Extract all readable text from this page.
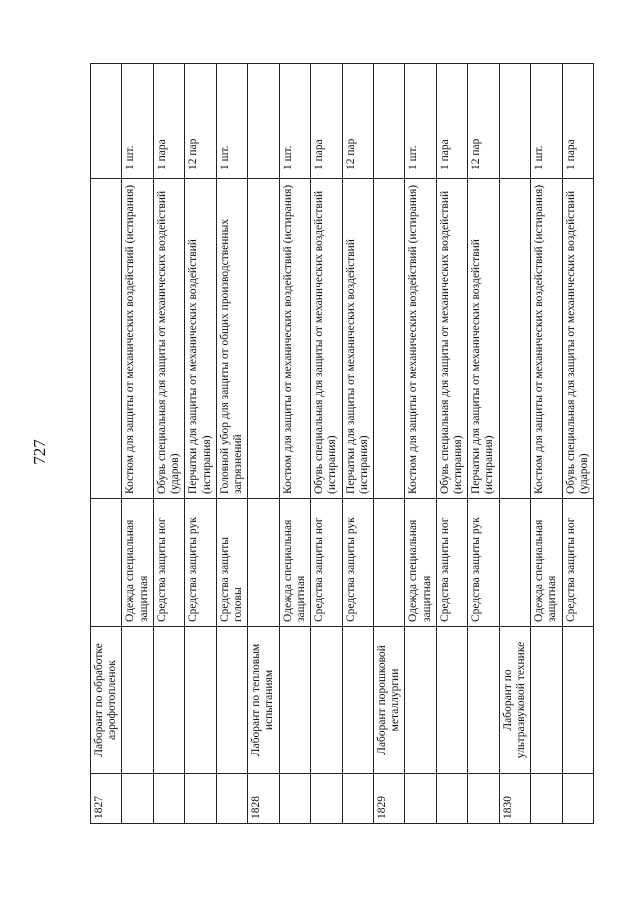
727
1827	Лаборант по обработке аэрофотопленок			
		Одежда специальная защитная	Костюм для защиты от механических воздействий (истирания)	1 шт.
		Средства защиты ног	Обувь специальная для защиты от механических воздействий (ударов)	1 пара
		Средства защиты рук	Перчатки для защиты от механических воздействий (истирания)	12 пар
		Средства защиты головы	Головной убор для защиты от общих производственных загрязнений	1 шт.
1828	Лаборант по тепловым испытаниям			
		Одежда специальная защитная	Костюм для защиты от механических воздействий (истирания)	1 шт.
		Средства защиты ног	Обувь специальная для защиты от механических воздействий (истирания)	1 пара
		Средства защиты рук	Перчатки для защиты от механических воздействий (истирания)	12 пар
1829	Лаборант порошковой металлургии			
		Одежда специальная защитная	Костюм для защиты от механических воздействий (истирания)	1 шт.
		Средства защиты ног	Обувь специальная для защиты от механических воздействий (истирания)	1 пара
		Средства защиты рук	Перчатки для защиты от механических воздействий (истирания)	12 пар
1830	Лаборант по ультразвуковой технике			
		Одежда специальная защитная	Костюм для защиты от механических воздействий (истирания)	1 шт.
		Средства защиты ног	Обувь специальная для защиты от механических воздействий (ударов)	1 пара
